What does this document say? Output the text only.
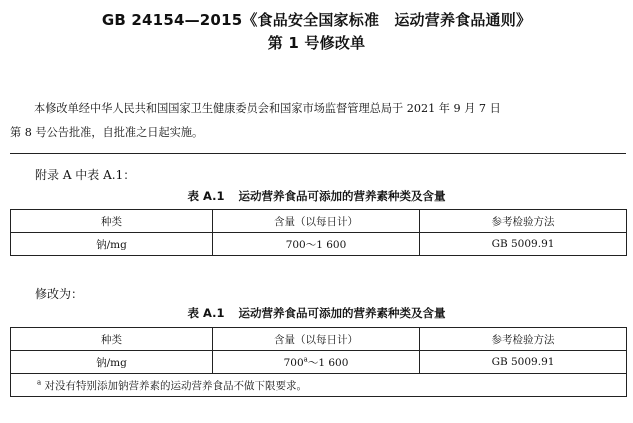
GB 24154—2015《食品安全国家标准　运动营养食品通则》
第 1 号修改单
本修改单经中华人民共和国国家卫生健康委员会和国家市场监督管理总局于 2021 年 9 月 7 日
第 8 号公告批准，自批准之日起实施。
附录 A 中表 A.1：
表 A.1 运动营养食品可添加的营养素种类及含量
种类	含量（以每日计）	参考检验方法
钠/mg	700～1 600	GB 5009.91
修改为：
表 A.1 运动营养食品可添加的营养素种类及含量
种类	含量（以每日计）	参考检验方法
钠/mg	700$^a$～1 600	GB 5009.91
$^a$ 对没有特别添加钠营养素的运动营养食品不做下限要求。		
